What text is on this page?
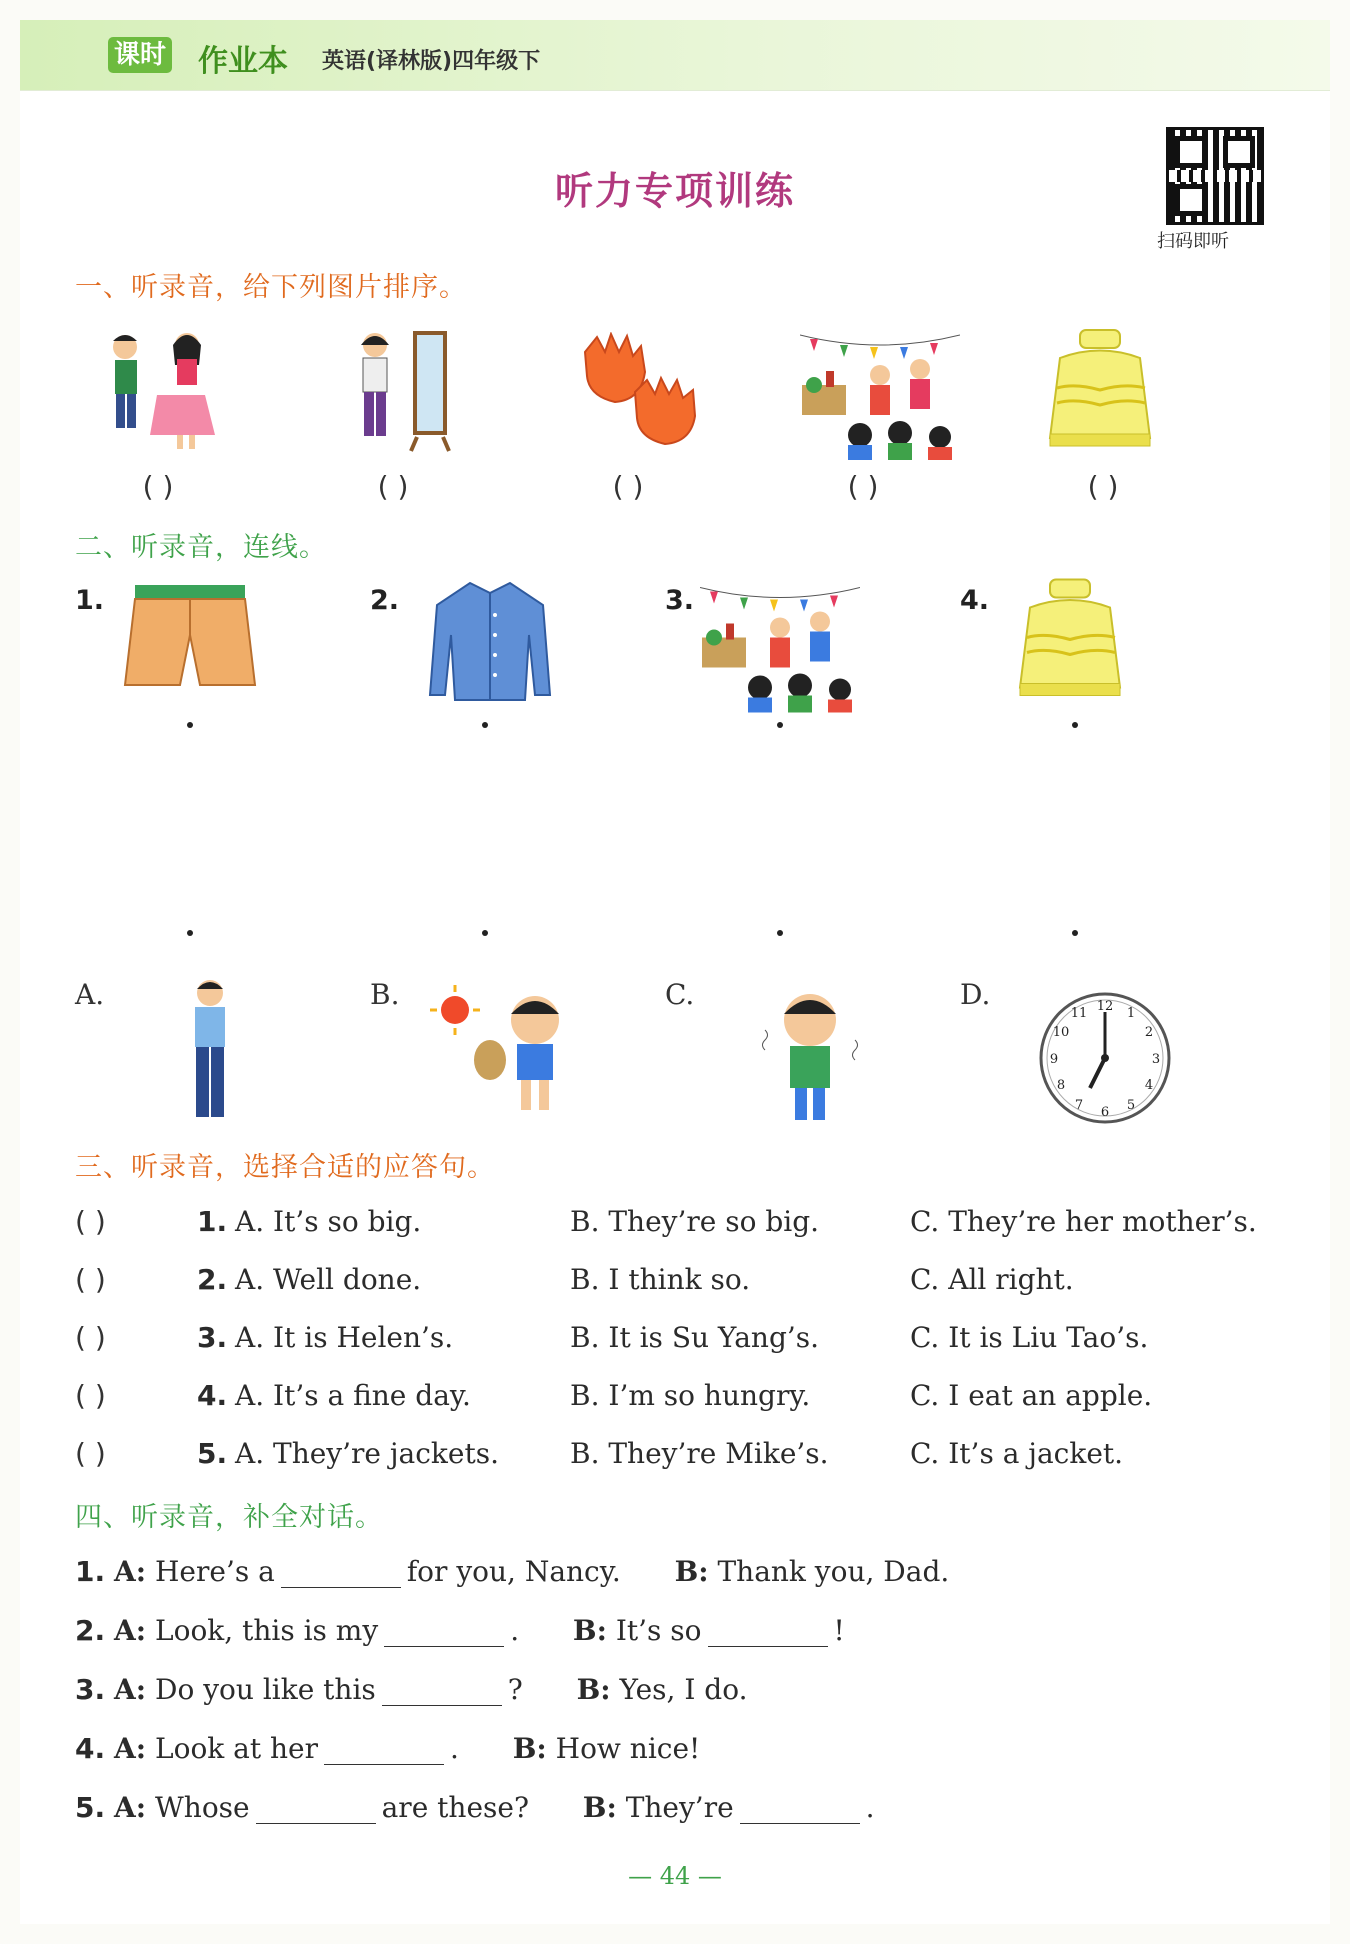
课时 作业本 英语(译林版)四年级下
听力专项训练
扫码即听
一、听录音，给下列图片排序。
( )	( )	( )	( )	( )
二、听录音，连线。
1.	2.	3.	4.
A.	B.	C.	D.	12 1
2
3
4
5
6
7
8
9
10
11
三、听录音，选择合适的应答句。
( )	1. A. It’s so big.	B. They’re so big.	C. They’re her mother’s.
( )	2. A. Well done.	B. I think so.	C. All right.
( )	3. A. It is Helen’s.	B. It is Su Yang’s.	C. It is Liu Tao’s.
( )	4. A. It’s a fine day.	B. I’m so hungry.	C. I eat an apple.
( )	5. A. They’re jackets.	B. They’re Mike’s.	C. It’s a jacket.
四、听录音，补全对话。
1. A: Here’s a	for you, Nancy. B: Thank you, Dad.
2. A: Look, this is my	. B: It’s so	!
3. A: Do you like this	? B: Yes, I do.
4. A: Look at her	. B: How nice!
5. A: Whose	are these? B: They’re	.
— 44 —
